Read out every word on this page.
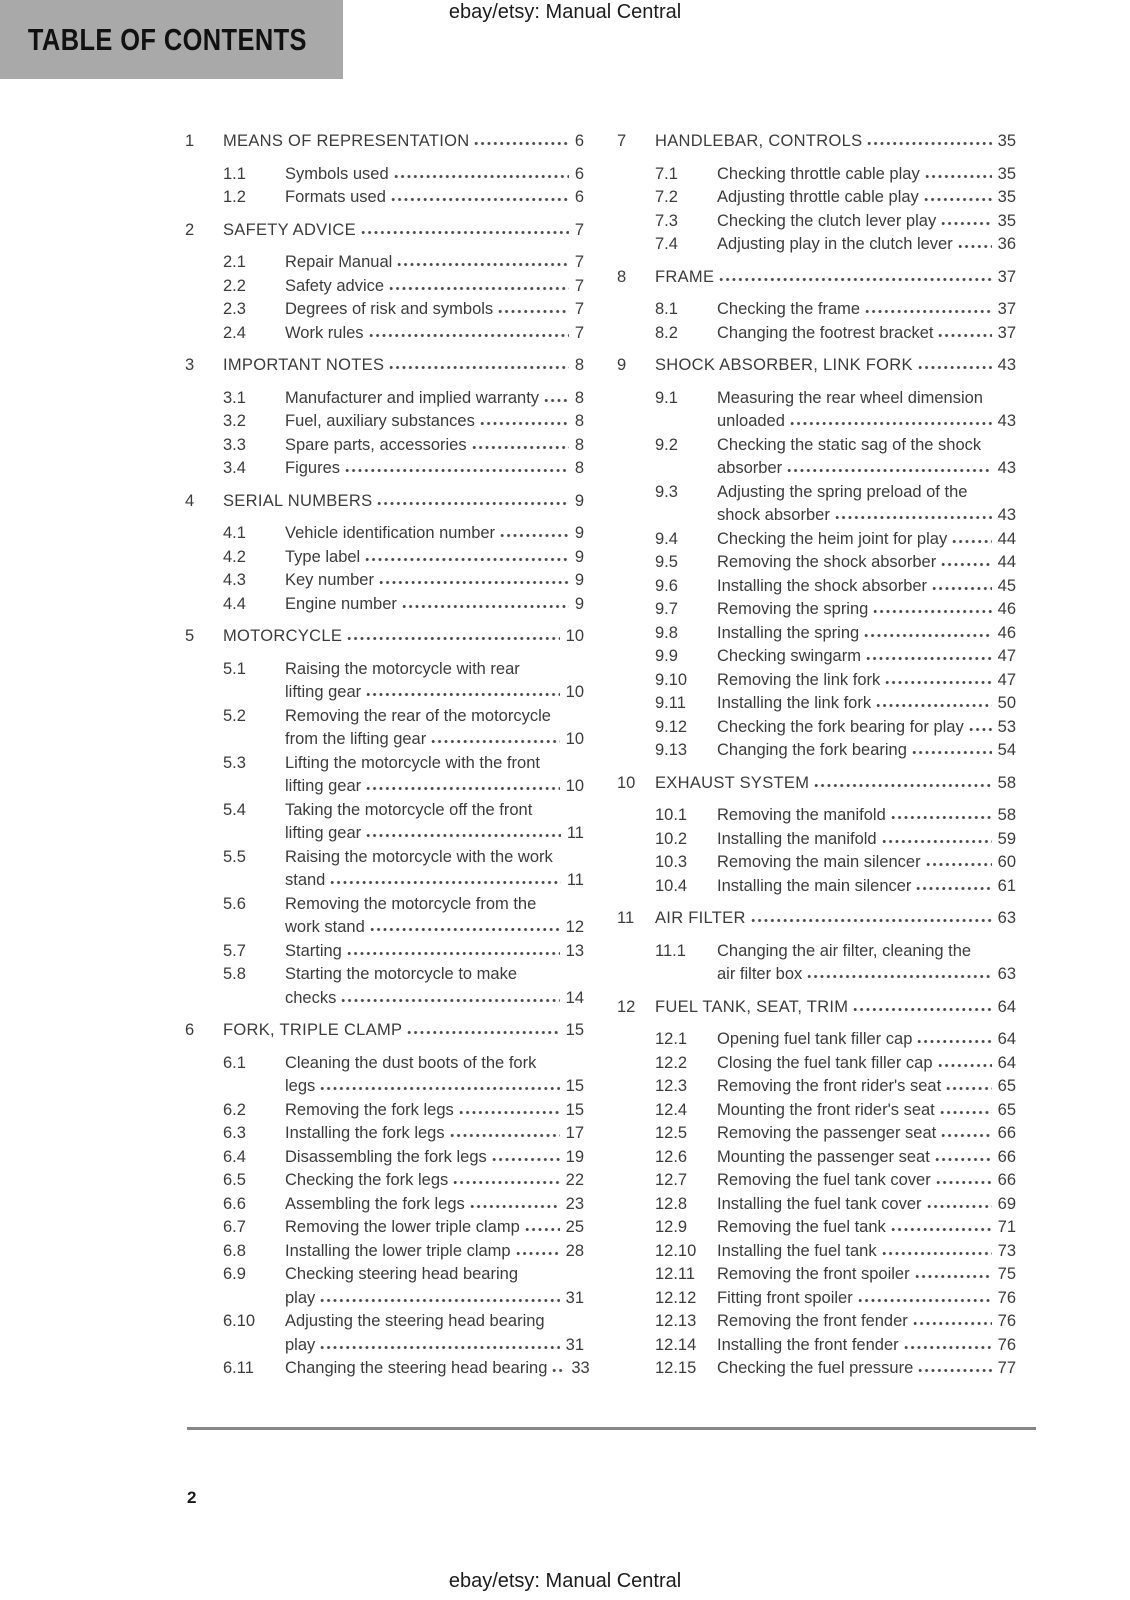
TABLE OF CONTENTS
ebay/etsy: Manual Central
1	MEANS OF REPRESENTATION	6
1.1	Symbols used	6
1.2	Formats used	6
2	SAFETY ADVICE	7
2.1	Repair Manual	7
2.2	Safety advice	7
2.3	Degrees of risk and symbols	7
2.4	Work rules	7
3	IMPORTANT NOTES	8
3.1	Manufacturer and implied warranty 8
3.2	Fuel, auxiliary substances	8
3.3	Spare parts, accessories	8
3.4	Figures	8
4	SERIAL NUMBERS	9
4.1	Vehicle identification number	9
4.2	Type label	9
4.3	Key number	9
4.4	Engine number	9
5	MOTORCYCLE	10
5.1	Raising the motorcycle with rear
lifting gear	10
5.2	Removing the rear of the motorcycle
from the lifting gear	10
5.3	Lifting the motorcycle with the front
lifting gear	10
5.4	Taking the motorcycle off the front
lifting gear	11
5.5	Raising the motorcycle with the work
stand	11
5.6	Removing the motorcycle from the
work stand	12
5.7	Starting	13
5.8	Starting the motorcycle to make
checks	14
6	FORK, TRIPLE CLAMP	15
6.1	Cleaning the dust boots of the fork
legs	15
6.2	Removing the fork legs	15
6.3	Installing the fork legs	17
6.4	Disassembling the fork legs	19
6.5	Checking the fork legs	22
6.6	Assembling the fork legs	23
6.7	Removing the lower triple clamp	25
6.8	Installing the lower triple clamp	28
6.9	Checking steering head bearing
play	31
6.10	Adjusting the steering head bearing
play	31
6.11	Changing the steering head bearing 33
7	HANDLEBAR, CONTROLS	35
7.1	Checking throttle cable play	35
7.2	Adjusting throttle cable play	35
7.3	Checking the clutch lever play	35
7.4	Adjusting play in the clutch lever	36
8	FRAME	37
8.1	Checking the frame	37
8.2	Changing the footrest bracket	37
9	SHOCK ABSORBER, LINK FORK	43
9.1	Measuring the rear wheel dimension
unloaded	43
9.2	Checking the static sag of the shock
absorber	43
9.3	Adjusting the spring preload of the
shock absorber	43
9.4	Checking the heim joint for play	44
9.5	Removing the shock absorber	44
9.6	Installing the shock absorber	45
9.7	Removing the spring	46
9.8	Installing the spring	46
9.9	Checking swingarm	47
9.10	Removing the link fork	47
9.11	Installing the link fork	50
9.12	Checking the fork bearing for play 53
9.13	Changing the fork bearing	54
10	EXHAUST SYSTEM	58
10.1	Removing the manifold	58
10.2	Installing the manifold	59
10.3	Removing the main silencer	60
10.4	Installing the main silencer	61
11	AIR FILTER	63
11.1	Changing the air filter, cleaning the
air filter box	63
12	FUEL TANK, SEAT, TRIM	64
12.1	Opening fuel tank filler cap	64
12.2	Closing the fuel tank filler cap	64
12.3	Removing the front rider's seat	65
12.4	Mounting the front rider's seat	65
12.5	Removing the passenger seat	66
12.6	Mounting the passenger seat	66
12.7	Removing the fuel tank cover	66
12.8	Installing the fuel tank cover	69
12.9	Removing the fuel tank	71
12.10	Installing the fuel tank	73
12.11	Removing the front spoiler	75
12.12	Fitting front spoiler	76
12.13	Removing the front fender	76
12.14	Installing the front fender	76
12.15	Checking the fuel pressure	77
2
ebay/etsy: Manual Central
